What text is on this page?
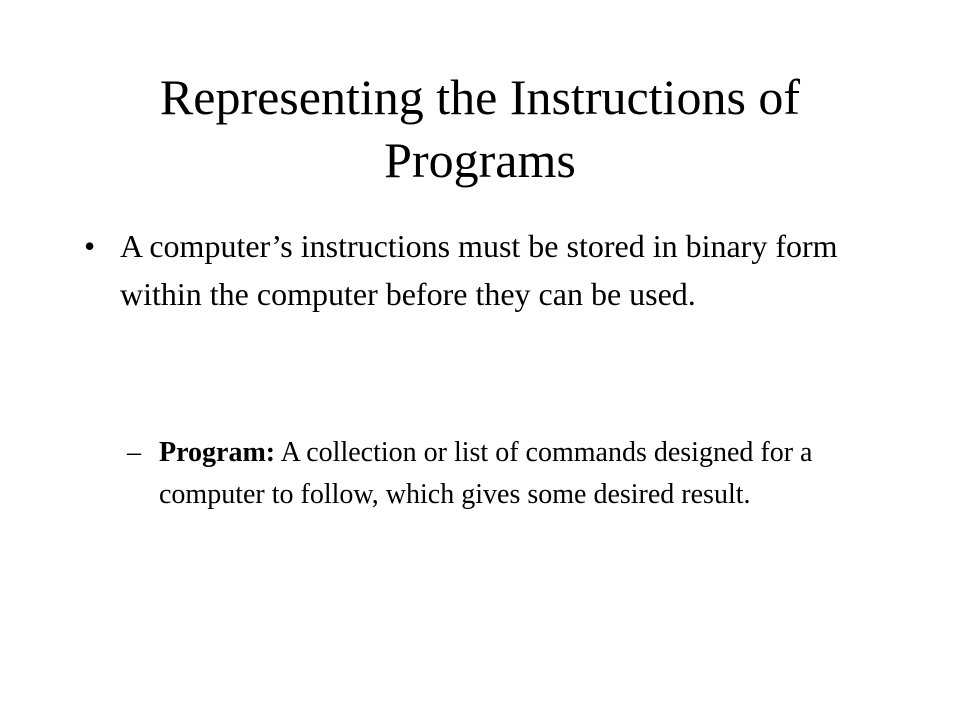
Representing the Instructions of Programs
• A computer’s instructions must be stored in binary form within the computer before they can be used.
– Program: A collection or list of commands designed for a computer to follow, which gives some desired result.
